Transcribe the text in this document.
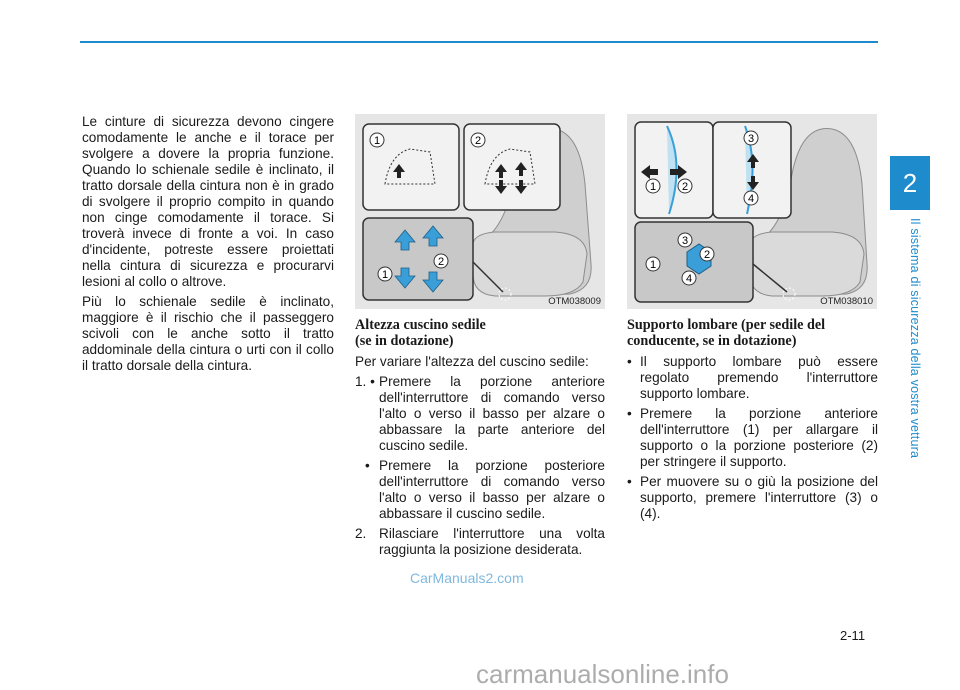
2
Il sistema di sicurezza della vostra vettura

Le cinture di sicurezza devono cingere comodamente le anche e il torace per svolgere a dovere la propria funzione. Quando lo schienale sedile è inclinato, il tratto dorsale della cintura non è in grado di svolgere il proprio compito in quando non cinge comodamente il torace. Si troverà invece di fronte a voi. In caso d'incidente, potreste essere proiettati nella cintura di sicurezza e procurarvi lesioni al collo o altrove.

Più lo schienale sedile è inclinato, maggiore è il rischio che il passeggero scivoli con le anche sotto il tratto addominale della cintura o urti con il collo il tratto dorsale della cintura.

1	2
1
2
OTM038009
3
1 2
4
3
1
2
4
OTM038010
Altezza cuscino sedile
(se in dotazione)

Per variare l'altezza del cuscino sedile:

1. • Premere la porzione anteriore dell'interruttore di comando verso l'alto o verso il basso per alzare o abbassare la parte anteriore del cuscino sedile.
• Premere la porzione posteriore dell'interruttore di comando verso l'alto o verso il basso per alzare o abbassare il cuscino sedile.
2. Rilasciare l'interruttore una volta raggiunta la posizione desiderata.
Supporto lombare (per sedile del
conducente, se in dotazione)
• Il supporto lombare può essere regolato premendo l'interruttore supporto lombare.
• Premere la porzione anteriore dell'interruttore (1) per allargare il supporto o la porzione posteriore (2) per stringere il supporto.
• Per muovere su o giù la posizione del supporto, premere l'interruttore (3) o (4).
2-11
CarManuals2.com
carmanualsonline.info
